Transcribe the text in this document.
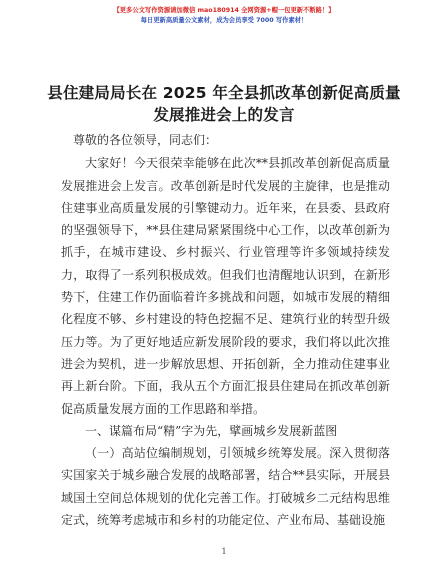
【更多公文写作资源请加微信 mao180914 全网资源+帽一包更新不断路！】
每日更新高质量公文素材，成为会员享受 7000 写作素材！
县住建局局长在 2025 年全县抓改革创新促高质量发展推进会上的发言

尊敬的各位领导，同志们：

大家好！今天很荣幸能够在此次**县抓改革创新促高质量发展推进会上发言。改革创新是时代发展的主旋律，也是推动住建事业高质量发展的引擎键动力。近年来，在县委、县政府的坚强领导下，**县住建局紧紧围绕中心工作，以改革创新为抓手，在城市建设、乡村振兴、行业管理等许多领域持续发力，取得了一系列积极成效。但我们也清醒地认识到，在新形势下，住建工作仍面临着许多挑战和问题，如城市发展的精细化程度不够、乡村建设的特色挖掘不足、建筑行业的转型升级压力等。为了更好地适应新发展阶段的要求，我们将以此次推进会为契机，进一步解放思想、开拓创新，全力推动住建事业再上新台阶。下面，我从五个方面汇报县住建局在抓改革创新促高质量发展方面的工作思路和举措。

一、谋篇布局“精”字为先，擘画城乡发展新蓝图

（一）高站位编制规划，引领城乡统筹发展。深入贯彻落实国家关于城乡融合发展的战略部署，结合**县实际，开展县域国土空间总体规划的优化完善工作。打破城乡二元结构思维定式，统筹考虑城市和乡村的功能定位、产业布局、基础设施

1
